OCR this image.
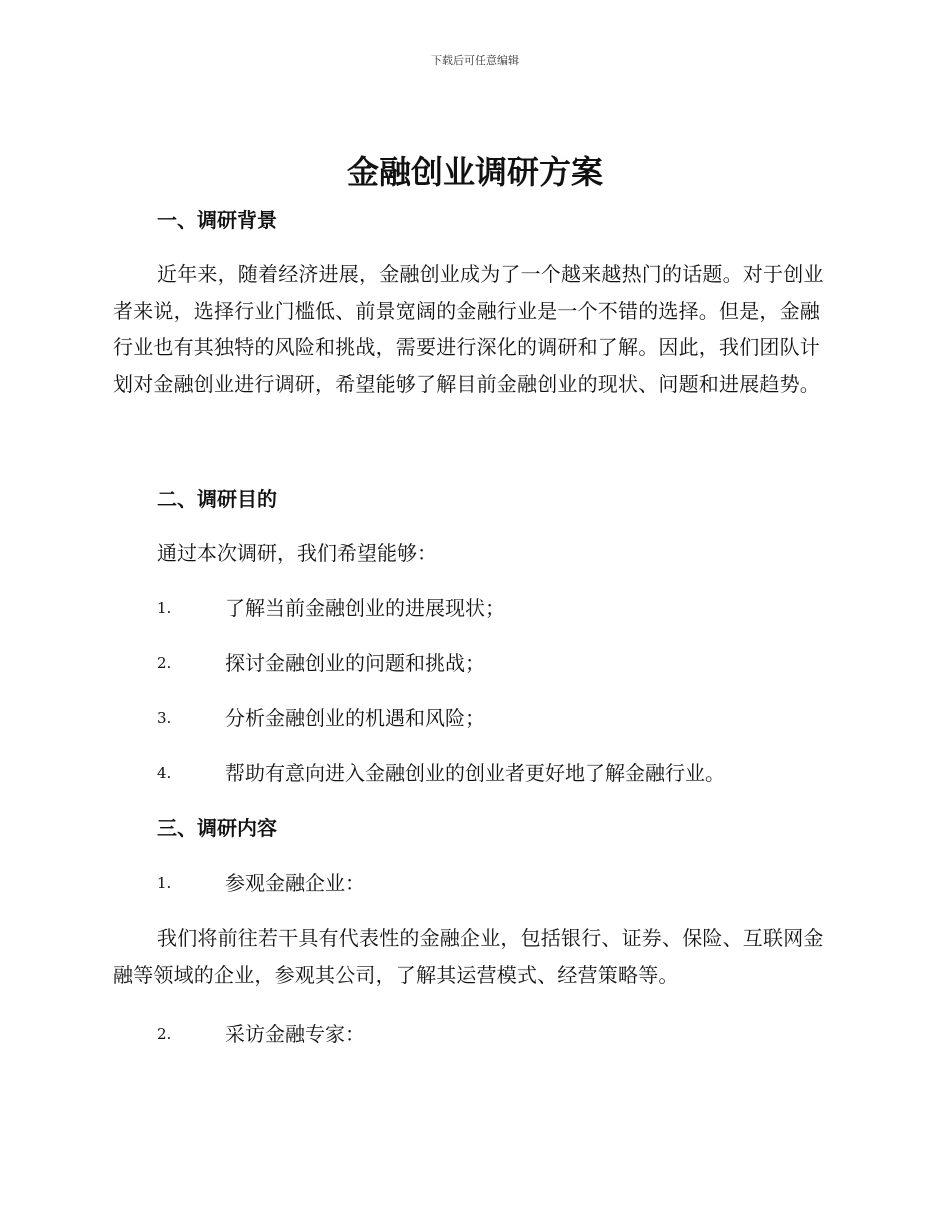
下载后可任意编辑
金融创业调研方案
一、调研背景

近年来，随着经济进展，金融创业成为了一个越来越热门的话题。对于创业者来说，选择行业门槛低、前景宽阔的金融行业是一个不错的选择。但是，金融行业也有其独特的风险和挑战，需要进行深化的调研和了解。因此，我们团队计划对金融创业进行调研，希望能够了解目前金融创业的现状、问题和进展趋势。

二、调研目的

通过本次调研，我们希望能够：

1.	了解当前金融创业的进展现状；
2.	探讨金融创业的问题和挑战；
3.	分析金融创业的机遇和风险；
4.	帮助有意向进入金融创业的创业者更好地了解金融行业。
三、调研内容
1.	参观金融企业：

我们将前往若干具有代表性的金融企业，包括银行、证券、保险、互联网金融等领域的企业，参观其公司，了解其运营模式、经营策略等。

2.	采访金融专家：
